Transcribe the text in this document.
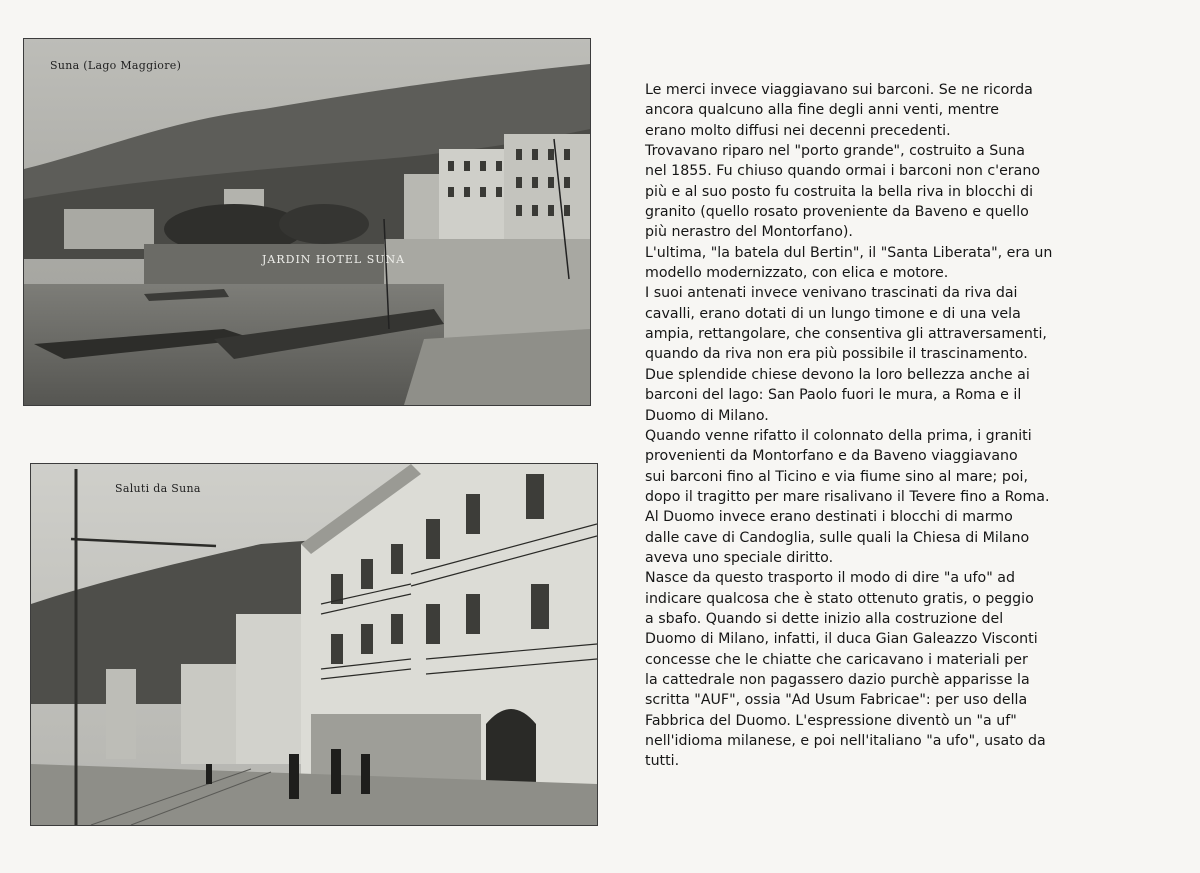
Suna (Lago Maggiore)
JARDIN HOTEL SUNA
Saluti da Suna
Le merci invece viaggiavano sui barconi. Se ne ricorda
ancora qualcuno alla fine degli anni venti, mentre
erano molto diffusi nei decenni precedenti.
Trovavano riparo nel "porto grande", costruito a Suna
nel 1855. Fu chiuso quando ormai i barconi non c'erano
più e al suo posto fu costruita la bella riva in blocchi di
granito (quello rosato proveniente da Baveno e quello
più nerastro del Montorfano).
L'ultima, "la batela dul Bertin", il "Santa Liberata", era un
modello modernizzato, con elica e motore.
I suoi antenati invece venivano trascinati da riva dai
cavalli, erano dotati di un lungo timone e di una vela
ampia, rettangolare, che consentiva gli attraversamenti,
quando da riva non era più possibile il trascinamento.
Due splendide chiese devono la loro bellezza anche ai
barconi del lago: San Paolo fuori le mura, a Roma e il
Duomo di Milano.
Quando venne rifatto il colonnato della prima, i graniti
provenienti da Montorfano e da Baveno viaggiavano
sui barconi fino al Ticino e via fiume sino al mare; poi,
dopo il tragitto per mare risalivano il Tevere fino a Roma.
Al Duomo invece erano destinati i blocchi di marmo
dalle cave di Candoglia, sulle quali la Chiesa di Milano
aveva uno speciale diritto.
Nasce da questo trasporto il modo di dire "a ufo" ad
indicare qualcosa che è stato ottenuto gratis, o peggio
a sbafo. Quando si dette inizio alla costruzione del
Duomo di Milano, infatti, il duca Gian Galeazzo Visconti
concesse che le chiatte che caricavano i materiali per
la cattedrale non pagassero dazio purchè apparisse la
scritta "AUF", ossia "Ad Usum Fabricae": per uso della
Fabbrica del Duomo. L'espressione diventò un "a uf"
nell'idioma milanese, e poi nell'italiano "a ufo", usato da
tutti.
